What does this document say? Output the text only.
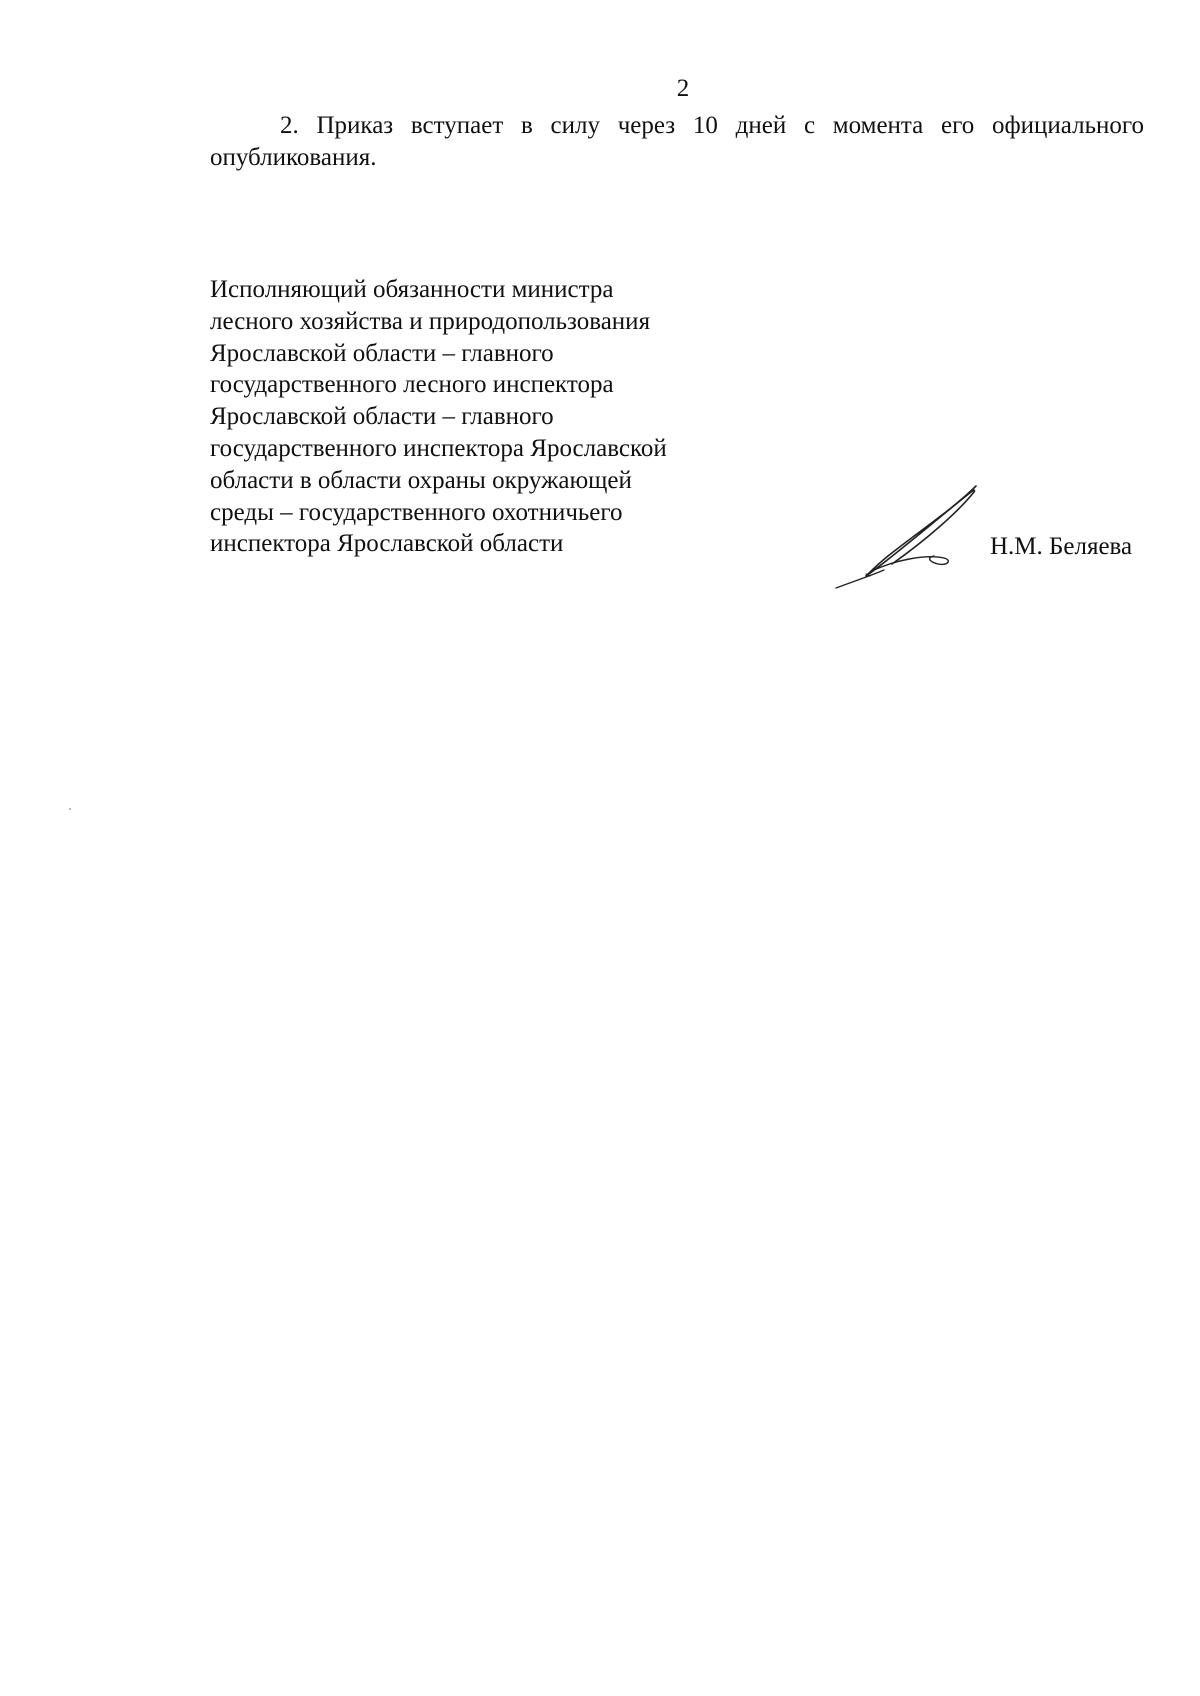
2

2. Приказ вступает в силу через 10 дней с момента его официального
опубликования.

Исполняющий обязанности министра
лесного хозяйства и природопользования
Ярославской области – главного
государственного лесного инспектора
Ярославской области – главного
государственного инспектора Ярославской
области в области охраны окружающей
среды – государственного охотничьего
инспектора Ярославской области	Н.М. Беляева
